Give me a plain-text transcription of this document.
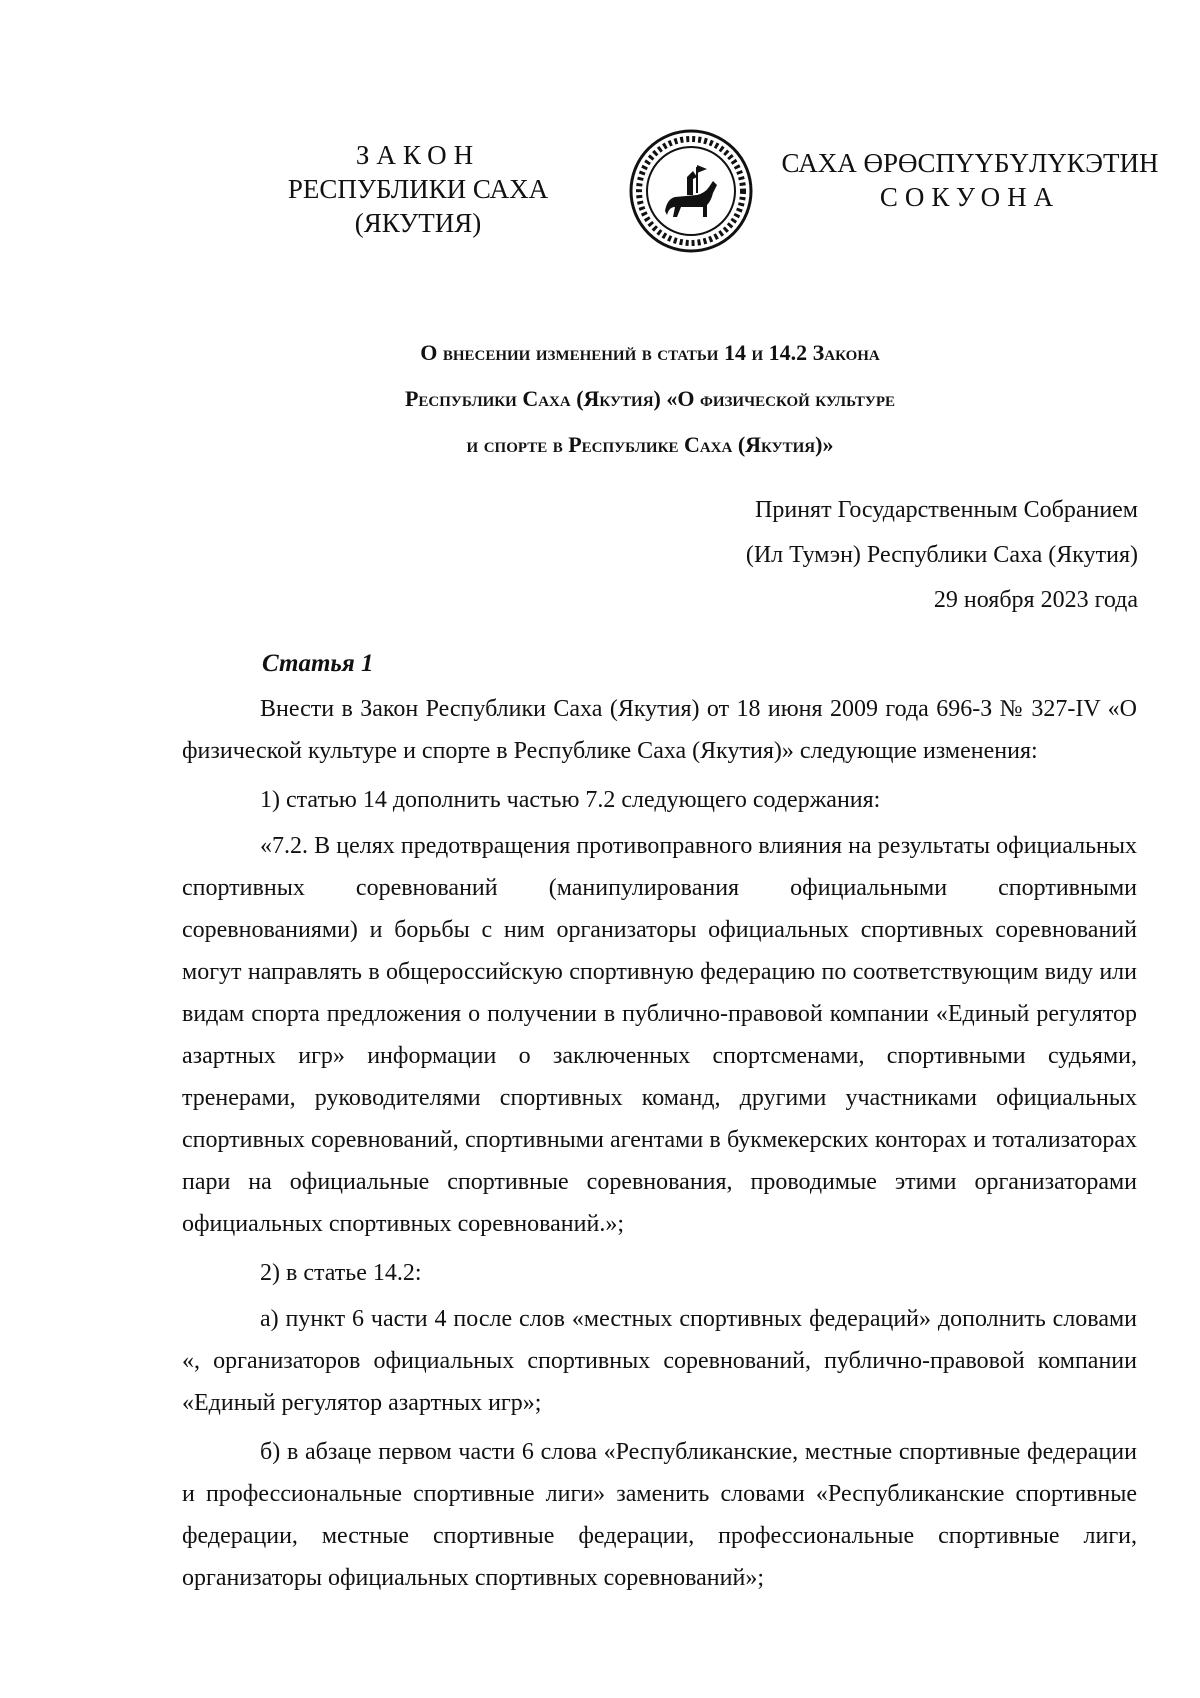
ЗАКОН
РЕСПУБЛИКИ САХА (ЯКУТИЯ)
САХА ӨРӨСПҮҮБҮЛҮКЭТИН
СОКУОНА
О внесении изменений в статьи 14 и 14.2 Закона
Республики Саха (Якутия) «О физической культуре
и спорте в Республике Саха (Якутия)»
Принят Государственным Собранием
(Ил Тумэн) Республики Саха (Якутия)
29 ноября 2023 года
Статья 1

Внести в Закон Республики Саха (Якутия) от 18 июня 2009 года 696-З № 327-IV «О физической культуре и спорте в Республике Саха (Якутия)» следующие изменения:

1) статью 14 дополнить частью 7.2 следующего содержания:

«7.2. В целях предотвращения противоправного влияния на результаты официальных спортивных соревнований (манипулирования официальными спортивными соревнованиями) и борьбы с ним организаторы официальных спортивных соревнований могут направлять в общероссийскую спортивную федерацию по соответствующим виду или видам спорта предложения о получении в публично-правовой компании «Единый регулятор азартных игр» информации о заключенных спортсменами, спортивными судьями, тренерами, руководителями спортивных команд, другими участниками официальных спортивных соревнований, спортивными агентами в букмекерских конторах и тотализаторах пари на официальные спортивные соревнования, проводимые этими организаторами официальных спортивных соревнований.»;

2) в статье 14.2:

а) пункт 6 части 4 после слов «местных спортивных федераций» дополнить словами «, организаторов официальных спортивных соревнований, публично-правовой компании «Единый регулятор азартных игр»;

б) в абзаце первом части 6 слова «Республиканские, местные спортивные федерации и профессиональные спортивные лиги» заменить словами «Республиканские спортивные федерации, местные спортивные федерации, профессиональные спортивные лиги, организаторы официальных спортивных соревнований»;
